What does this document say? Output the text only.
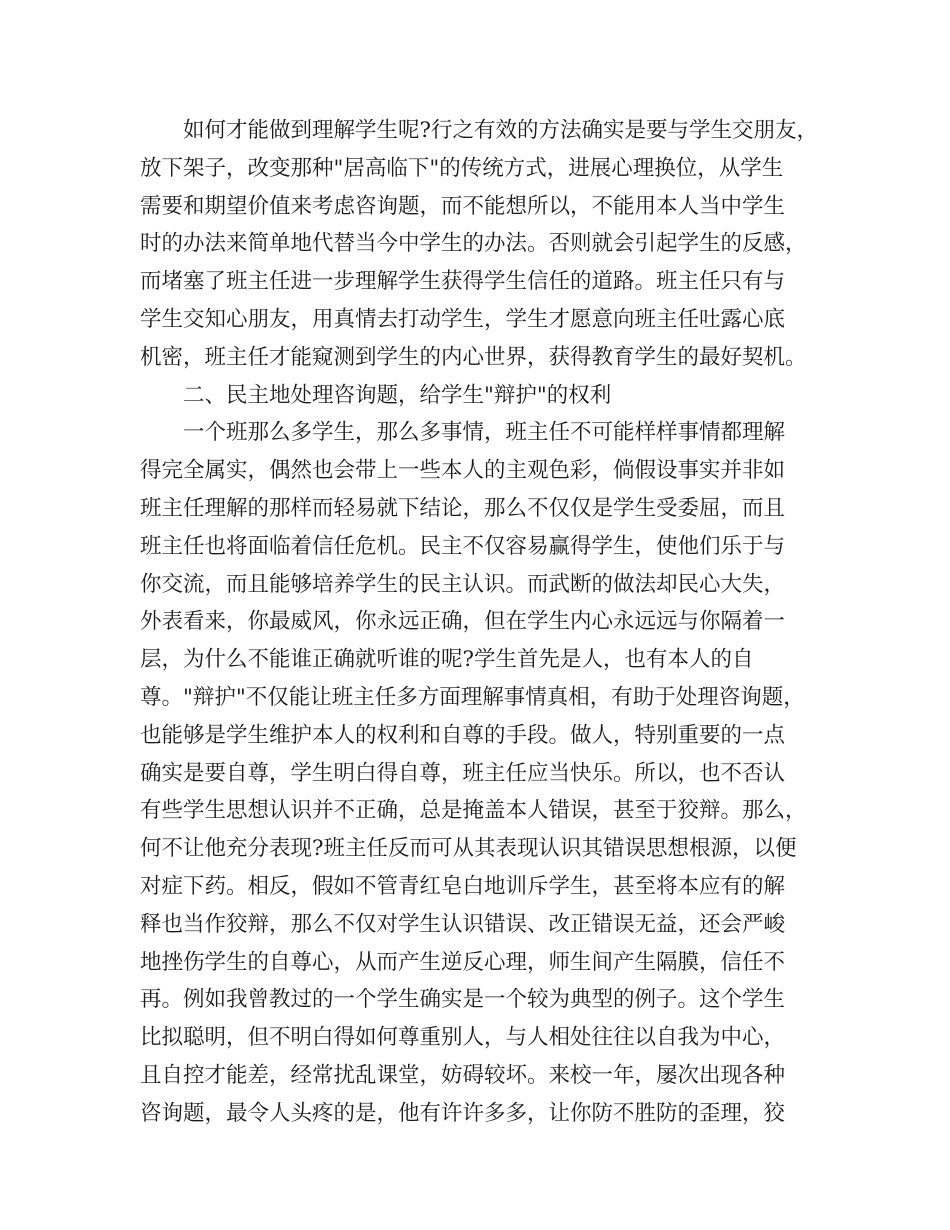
如何才能做到理解学生呢?行之有效的方法确实是要与学生交朋友，
放下架子，改变那种"居高临下"的传统方式，进展心理换位，从学生
需要和期望价值来考虑咨询题，而不能想所以，不能用本人当中学生
时的办法来简单地代替当今中学生的办法。否则就会引起学生的反感，
而堵塞了班主任进一步理解学生获得学生信任的道路。班主任只有与
学生交知心朋友，用真情去打动学生，学生才愿意向班主任吐露心底
机密，班主任才能窥测到学生的内心世界，获得教育学生的最好契机。
二、民主地处理咨询题，给学生"辩护"的权利
一个班那么多学生，那么多事情，班主任不可能样样事情都理解
得完全属实，偶然也会带上一些本人的主观色彩，倘假设事实并非如
班主任理解的那样而轻易就下结论，那么不仅仅是学生受委屈，而且
班主任也将面临着信任危机。民主不仅容易赢得学生，使他们乐于与
你交流，而且能够培养学生的民主认识。而武断的做法却民心大失，
外表看来，你最威风，你永远正确，但在学生内心永远远与你隔着一
层，为什么不能谁正确就听谁的呢?学生首先是人，也有本人的自
尊。"辩护"不仅能让班主任多方面理解事情真相，有助于处理咨询题，
也能够是学生维护本人的权利和自尊的手段。做人，特别重要的一点
确实是要自尊，学生明白得自尊，班主任应当快乐。所以，也不否认
有些学生思想认识并不正确，总是掩盖本人错误，甚至于狡辩。那么，
何不让他充分表现?班主任反而可从其表现认识其错误思想根源，以便
对症下药。相反，假如不管青红皂白地训斥学生，甚至将本应有的解
释也当作狡辩，那么不仅对学生认识错误、改正错误无益，还会严峻
地挫伤学生的自尊心，从而产生逆反心理，师生间产生隔膜，信任不
再。例如我曾教过的一个学生确实是一个较为典型的例子。这个学生
比拟聪明，但不明白得如何尊重别人，与人相处往往以自我为中心，
且自控才能差，经常扰乱课堂，妨碍较坏。来校一年，屡次出现各种
咨询题，最令人头疼的是，他有许许多多，让你防不胜防的歪理，狡
